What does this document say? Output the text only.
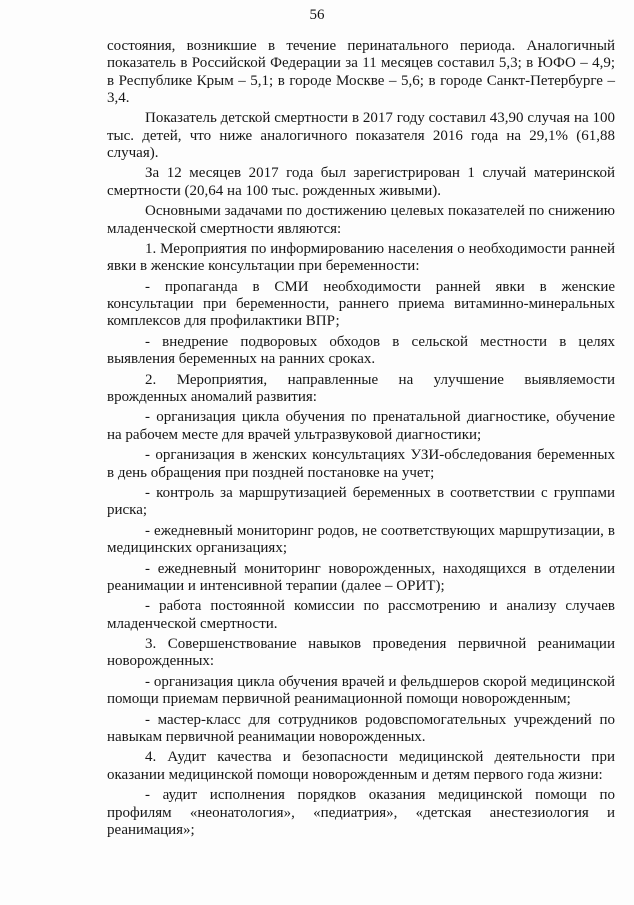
56

состояния, возникшие в течение перинатального периода. Аналогичный показатель в Российской Федерации за 11 месяцев составил 5,3; в ЮФО – 4,9; в Республике Крым – 5,1; в городе Москве – 5,6; в городе Санкт-Петербурге – 3,4.

Показатель детской смертности в 2017 году составил 43,90 случая на 100 тыс. детей, что ниже аналогичного показателя 2016 года на 29,1% (61,88 случая).

За 12 месяцев 2017 года был зарегистрирован 1 случай материнской смертности (20,64 на 100 тыс. рожденных живыми).

Основными задачами по достижению целевых показателей по снижению младенческой смертности являются:

1. Мероприятия по информированию населения о необходимости ранней явки в женские консультации при беременности:

- пропаганда в СМИ необходимости ранней явки в женские консультации при беременности, раннего приема витаминно-минеральных комплексов для профилактики ВПР;

- внедрение подворовых обходов в сельской местности в целях выявления беременных на ранних сроках.

2. Мероприятия, направленные на улучшение выявляемости врожденных аномалий развития:

- организация цикла обучения по пренатальной диагностике, обучение на рабочем месте для врачей ультразвуковой диагностики;

- организация в женских консультациях УЗИ-обследования беременных в день обращения при поздней постановке на учет;

- контроль за маршрутизацией беременных в соответствии с группами риска;

- ежедневный мониторинг родов, не соответствующих маршрутизации, в медицинских организациях;

- ежедневный мониторинг новорожденных, находящихся в отделении реанимации и интенсивной терапии (далее – ОРИТ);

- работа постоянной комиссии по рассмотрению и анализу случаев младенческой смертности.

3. Совершенствование навыков проведения первичной реанимации новорожденных:

- организация цикла обучения врачей и фельдшеров скорой медицинской помощи приемам первичной реанимационной помощи новорожденным;

- мастер-класс для сотрудников родовспомогательных учреждений по навыкам первичной реанимации новорожденных.

4. Аудит качества и безопасности медицинской деятельности при оказании медицинской помощи новорожденным и детям первого года жизни:

- аудит исполнения порядков оказания медицинской помощи по профилям «неонатология», «педиатрия», «детская анестезиология и реанимация»;
